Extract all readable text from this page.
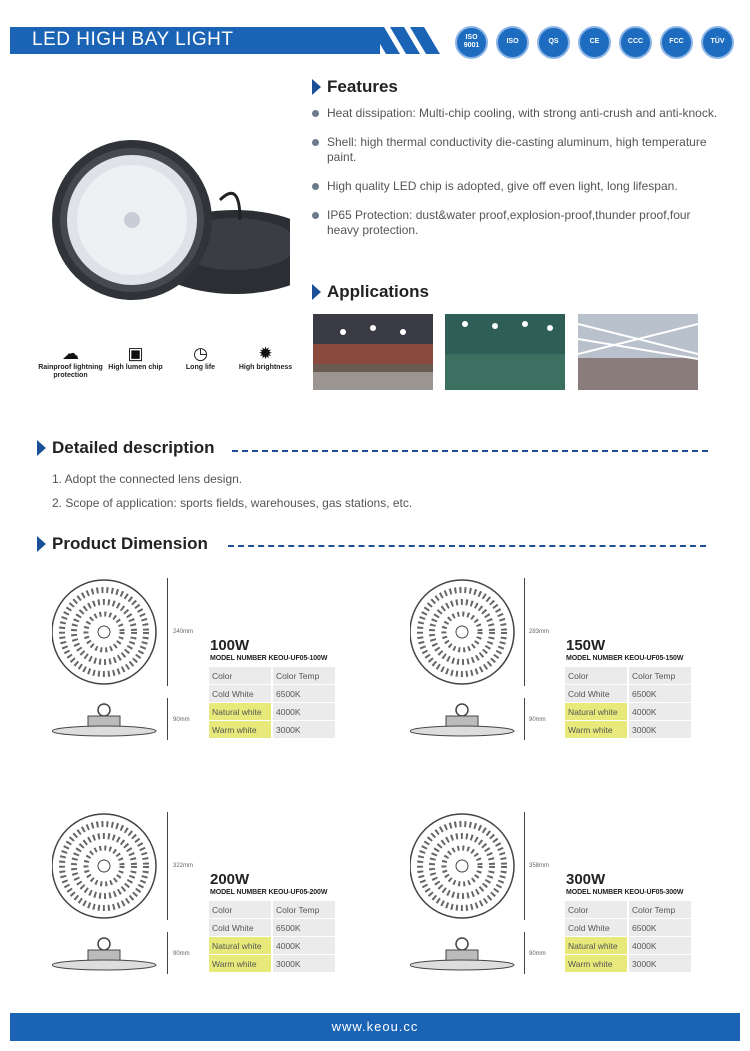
LED HIGH BAY LIGHT	ISO 9001
ISO	QS	CE	CCC	FCC	TÜV
☁
Rainproof lightning protection
▣
High lumen chip
◷
Long life
✹
High brightness
Features
Heat dissipation: Multi-chip cooling, with strong anti-crush and anti-knock.
Shell: high thermal conductivity die-casting aluminum, high temperature paint.
High quality LED chip is adopted, give off even light, long lifespan.
IP65 Protection: dust&water proof,explosion-proof,thunder proof,four heavy protection.
Applications
Detailed description
1. Adopt the connected lens design.
2. Scope of application: sports fields, warehouses, gas stations, etc.
Product Dimension
240mm
90mm
100W
MODEL NUMBER KEOU-UF05-100W
Color	Color Temp
Cold White	6500K
Natural white	4000K
Warm white	3000K
283mm
90mm
150W
MODEL NUMBER KEOU-UF05-150W
Color	Color Temp
Cold White	6500K
Natural white	4000K
Warm white	3000K
322mm
90mm
200W
MODEL NUMBER KEOU-UF05-200W
Color	Color Temp
Cold White	6500K
Natural white	4000K
Warm white	3000K
358mm
90mm
300W
MODEL NUMBER KEOU-UF05-300W
Color	Color Temp
Cold White	6500K
Natural white	4000K
Warm white	3000K
www.keou.cc
